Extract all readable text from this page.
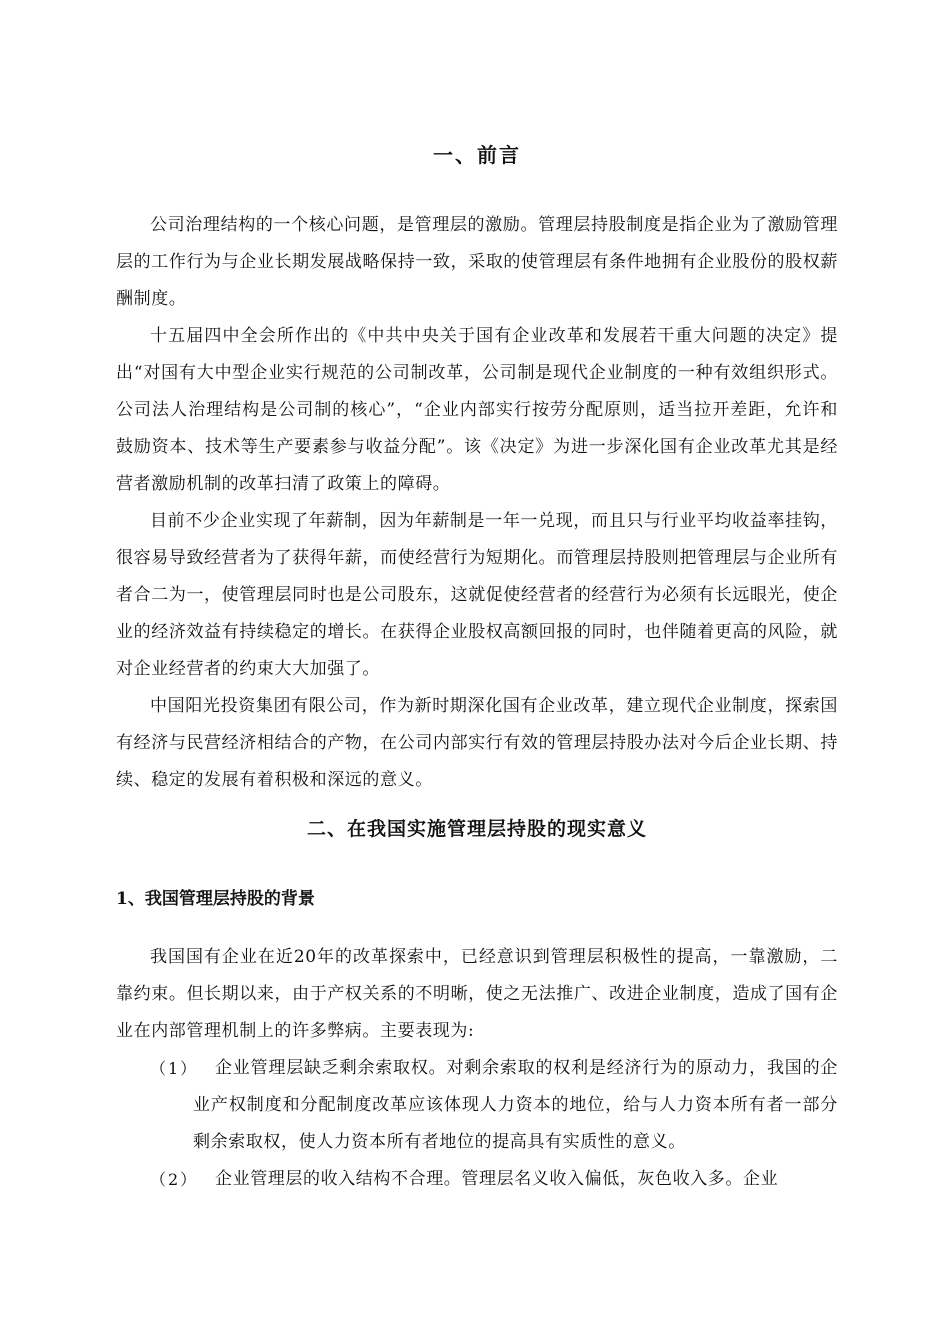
一、前言

公司治理结构的一个核心问题，是管理层的激励。管理层持股制度是指企业为了激励管理层的工作行为与企业长期发展战略保持一致，采取的使管理层有条件地拥有企业股份的股权薪酬制度。

十五届四中全会所作出的《中共中央关于国有企业改革和发展若干重大问题的决定》提出“对国有大中型企业实行规范的公司制改革，公司制是现代企业制度的一种有效组织形式。公司法人治理结构是公司制的核心”，“企业内部实行按劳分配原则，适当拉开差距，允许和鼓励资本、技术等生产要素参与收益分配”。该《决定》为进一步深化国有企业改革尤其是经营者激励机制的改革扫清了政策上的障碍。

目前不少企业实现了年薪制，因为年薪制是一年一兑现，而且只与行业平均收益率挂钩，很容易导致经营者为了获得年薪，而使经营行为短期化。而管理层持股则把管理层与企业所有者合二为一，使管理层同时也是公司股东，这就促使经营者的经营行为必须有长远眼光，使企业的经济效益有持续稳定的增长。在获得企业股权高额回报的同时，也伴随着更高的风险，就对企业经营者的约束大大加强了。

中国阳光投资集团有限公司，作为新时期深化国有企业改革，建立现代企业制度，探索国有经济与民营经济相结合的产物，在公司内部实行有效的管理层持股办法对今后企业长期、持续、稳定的发展有着积极和深远的意义。

二、在我国实施管理层持股的现实意义
1、我国管理层持股的背景

我国国有企业在近20年的改革探索中，已经意识到管理层积极性的提高，一靠激励，二靠约束。但长期以来，由于产权关系的不明晰，使之无法推广、改进企业制度，造成了国有企业在内部管理机制上的许多弊病。主要表现为:

（1） 企业管理层缺乏剩余索取权。对剩余索取的权利是经济行为的原动力，我国的企业产权制度和分配制度改革应该体现人力资本的地位，给与人力资本所有者一部分剩余索取权，使人力资本所有者地位的提高具有实质性的意义。
（2） 企业管理层的收入结构不合理。管理层名义收入偏低，灰色收入多。企业
